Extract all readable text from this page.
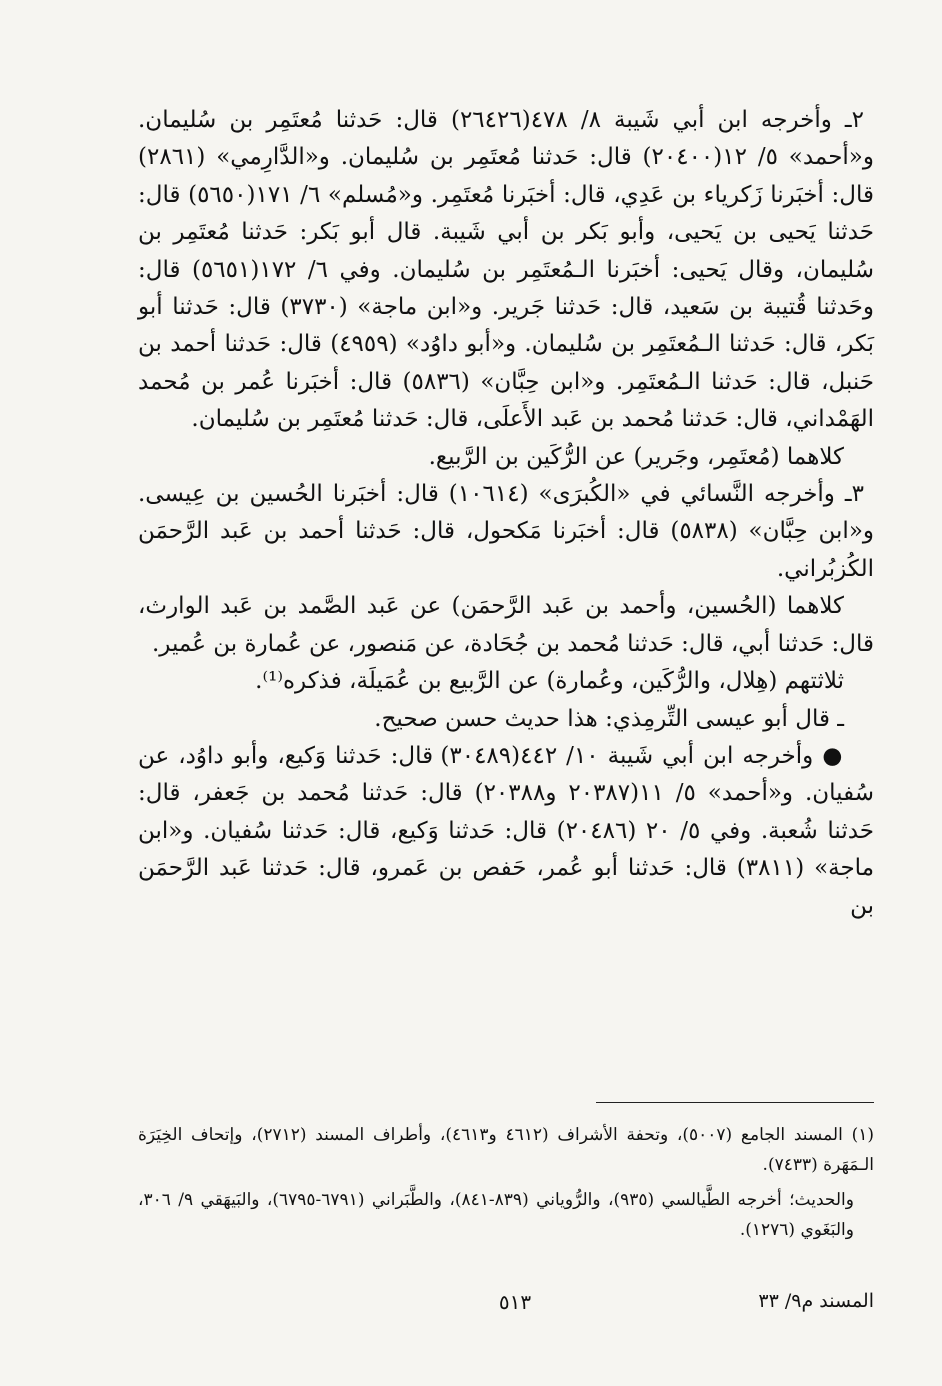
٢ـ وأخرجه ابن أبي شَيبة ٨/ ٤٧٨(٢٦٤٢٦) قال: حَدثنا مُعتَمِر بن سُليمان. و«أحمد» ٥/ ١٢(٢٠٤٠٠) قال: حَدثنا مُعتَمِر بن سُليمان. و«الدَّارِمي» (٢٨٦١) قال: أخبَرنا زَكرياء بن عَدِي، قال: أخبَرنا مُعتَمِر. و«مُسلم» ٦/ ١٧١(٥٦٥٠) قال: حَدثنا يَحيى بن يَحيى، وأبو بَكر بن أبي شَيبة. قال أبو بَكر: حَدثنا مُعتَمِر بن سُليمان، وقال يَحيى: أخبَرنا الـمُعتَمِر بن سُليمان. وفي ٦/ ١٧٢(٥٦٥١) قال: وحَدثنا قُتيبة بن سَعيد، قال: حَدثنا جَرير. و«ابن ماجة» (٣٧٣٠) قال: حَدثنا أبو بَكر، قال: حَدثنا الـمُعتَمِر بن سُليمان. و«أبو داوُد» (٤٩٥٩) قال: حَدثنا أحمد بن حَنبل، قال: حَدثنا الـمُعتَمِر. و«ابن حِبَّان» (٥٨٣٦) قال: أخبَرنا عُمر بن مُحمد الهَمْداني، قال: حَدثنا مُحمد بن عَبد الأَعلَى، قال: حَدثنا مُعتَمِر بن سُليمان.

كلاهما (مُعتَمِر، وجَرير) عن الرُّكَين بن الرَّبيع.

٣ـ وأخرجه النَّسائي في «الكُبرَى» (١٠٦١٤) قال: أخبَرنا الحُسين بن عِيسى. و«ابن حِبَّان» (٥٨٣٨) قال: أخبَرنا مَكحول، قال: حَدثنا أحمد بن عَبد الرَّحمَن الكُزبُراني.

كلاهما (الحُسين، وأحمد بن عَبد الرَّحمَن) عن عَبد الصَّمد بن عَبد الوارث، قال: حَدثنا أبي، قال: حَدثنا مُحمد بن جُحَادة، عن مَنصور، عن عُمارة بن عُمير.

ثلاثتهم (هِلال، والرُّكَين، وعُمارة) عن الرَّبيع بن عُمَيلَة، فذكره⁽¹⁾.

ـ قال أبو عيسى التِّرمِذي: هذا حديث حسن صحيح.

● وأخرجه ابن أبي شَيبة ١٠/ ٤٤٢(٣٠٤٨٩) قال: حَدثنا وَكيع، وأبو داوُد، عن سُفيان. و«أحمد» ٥/ ١١(٢٠٣٨٧ و٢٠٣٨٨) قال: حَدثنا مُحمد بن جَعفر، قال: حَدثنا شُعبة. وفي ٥/ ٢٠ (٢٠٤٨٦) قال: حَدثنا وَكيع، قال: حَدثنا سُفيان. و«ابن ماجة» (٣٨١١) قال: حَدثنا أبو عُمر، حَفص بن عَمرو، قال: حَدثنا عَبد الرَّحمَن بن

(١) المسند الجامع (٥٠٠٧)، وتحفة الأشراف (٤٦١٢ و٤٦١٣)، وأطراف المسند (٢٧١٢)، وإتحاف الخِيَرَة الـمَهَرة (٧٤٣٣).

والحديث؛ أخرجه الطَّيالسي (٩٣٥)، والرُّوياني (٨٣٩-٨٤١)، والطَّبَراني (٦٧٩١-٦٧٩٥)، والبَيهَقي ٩/ ٣٠٦، والبَغَوي (١٢٧٦).

٥١٣	المسند م٩/ ٣٣
